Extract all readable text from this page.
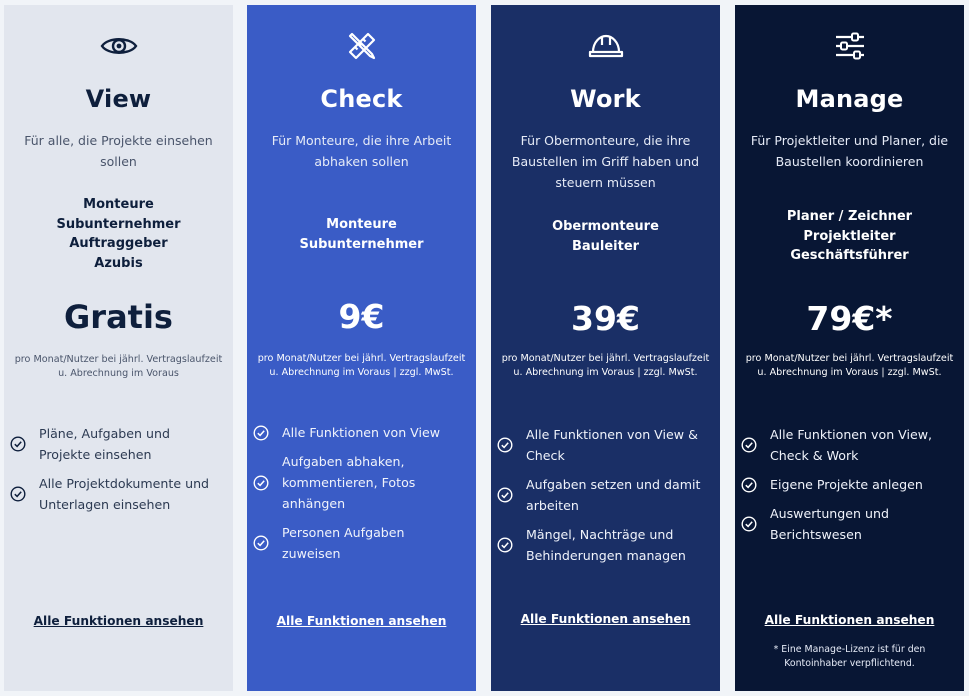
View
Für alle, die Projekte einsehen sollen
Monteure
Subunternehmer
Auftraggeber
Azubis
Gratis
pro Monat/Nutzer bei jährl. Vertragslaufzeit u. Abrechnung im Voraus
Pläne, Aufgaben und Projekte einsehen
Alle Projektdokumente und Unterlagen einsehen
Alle Funktionen ansehen
Check
Für Monteure, die ihre Arbeit abhaken sollen
Monteure
Subunternehmer
9€
pro Monat/Nutzer bei jährl. Vertragslaufzeit u. Abrechnung im Voraus | zzgl. MwSt.
Alle Funktionen von View
Aufgaben abhaken, kommentieren, Fotos anhängen
Personen Aufgaben zuweisen
Alle Funktionen ansehen
Work
Für Obermonteure, die ihre Baustellen im Griff haben und steuern müssen
Obermonteure
Bauleiter
39€
pro Monat/Nutzer bei jährl. Vertragslaufzeit u. Abrechnung im Voraus | zzgl. MwSt.
Alle Funktionen von View & Check
Aufgaben setzen und damit arbeiten
Mängel, Nachträge und Behinderungen managen
Alle Funktionen ansehen
Manage
Für Projektleiter und Planer, die Baustellen koordinieren
Planer / Zeichner
Projektleiter
Geschäftsführer
79€*
pro Monat/Nutzer bei jährl. Vertragslaufzeit u. Abrechnung im Voraus | zzgl. MwSt.
Alle Funktionen von View, Check & Work
Eigene Projekte anlegen
Auswertungen und Berichtswesen
Alle Funktionen ansehen
* Eine Manage-Lizenz ist für den Kontoinhaber verpflichtend.
